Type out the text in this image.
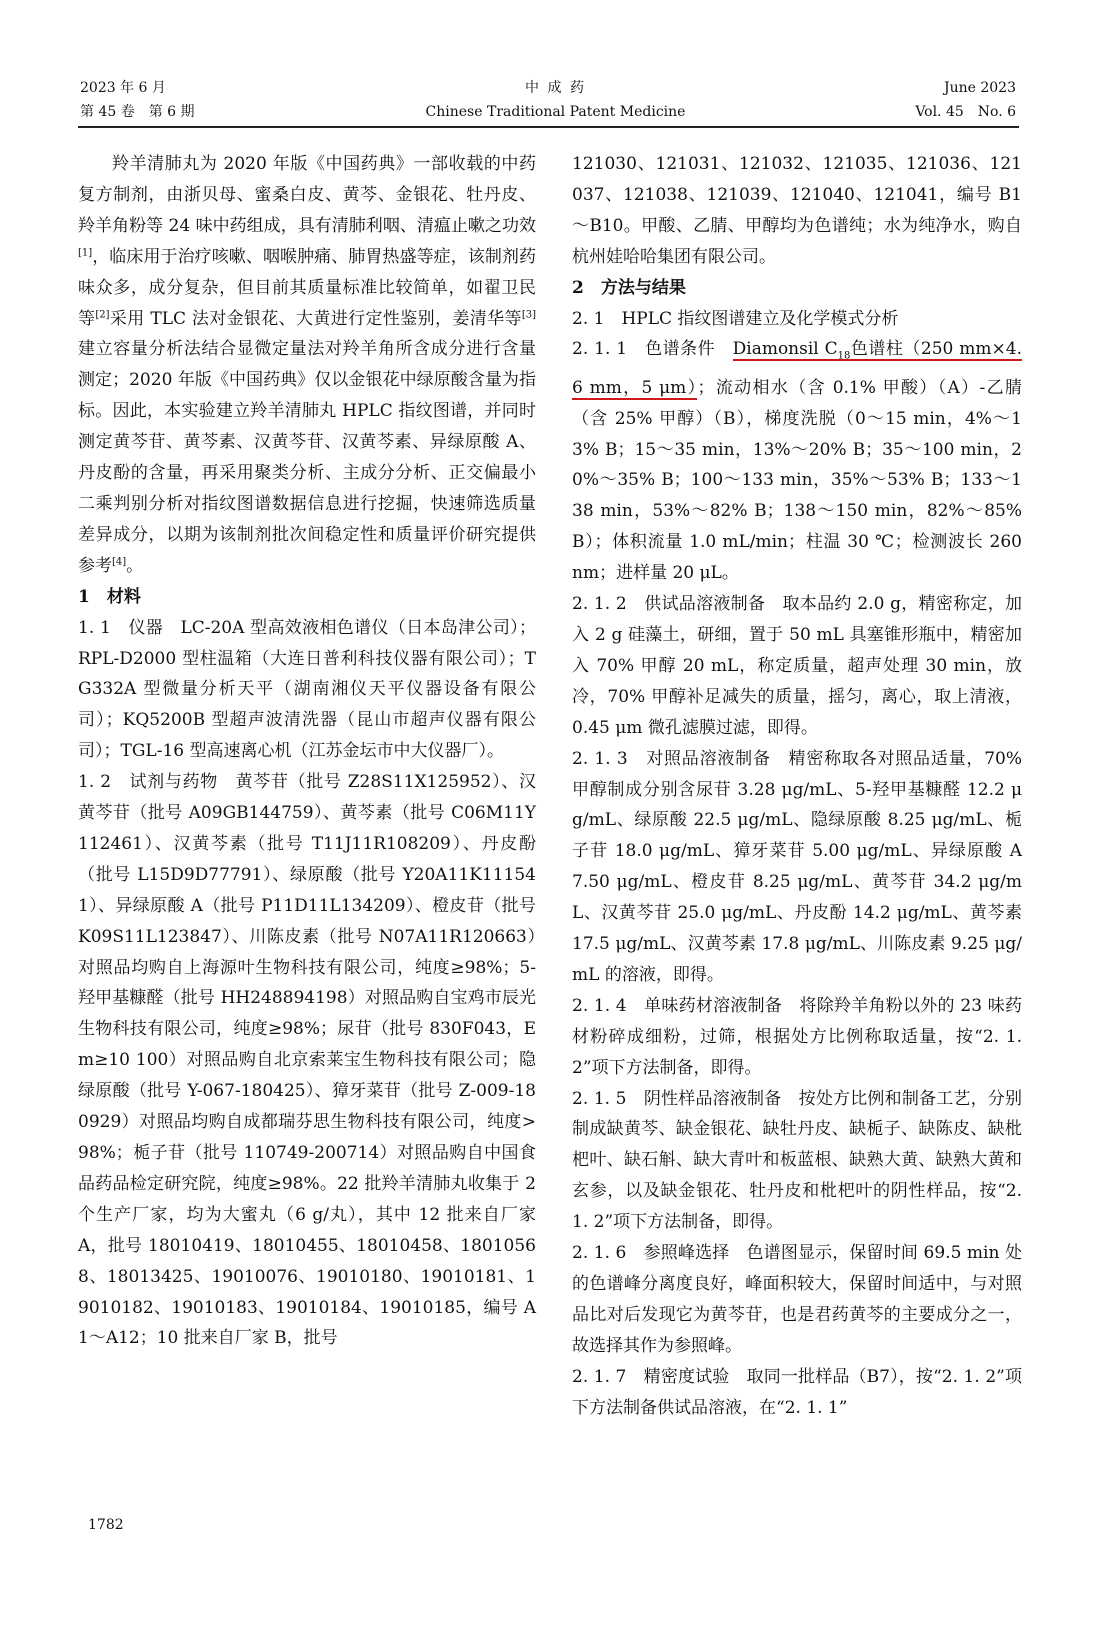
2023 年 6 月
第 45 卷　第 6 期
中 成 药
Chinese Traditional Patent Medicine
June 2023
Vol. 45　No. 6

羚羊清肺丸为 2020 年版《中国药典》一部收载的中药复方制剂，由浙贝母、蜜桑白皮、黄芩、金银花、牡丹皮、羚羊角粉等 24 味中药组成，具有清肺利咽、清瘟止嗽之功效[1]，临床用于治疗咳嗽、咽喉肿痛、肺胃热盛等症，该制剂药味众多，成分复杂，但目前其质量标准比较简单，如翟卫民等[2]采用 TLC 法对金银花、大黄进行定性鉴别，姜清华等[3]建立容量分析法结合显微定量法对羚羊角所含成分进行含量测定；2020 年版《中国药典》仅以金银花中绿原酸含量为指标。因此，本实验建立羚羊清肺丸 HPLC 指纹图谱，并同时测定黄芩苷、黄芩素、汉黄芩苷、汉黄芩素、异绿原酸 A、丹皮酚的含量，再采用聚类分析、主成分分析、正交偏最小二乘判别分析对指纹图谱数据信息进行挖掘，快速筛选质量差异成分，以期为该制剂批次间稳定性和质量评价研究提供参考[4]。

1　材料

1. 1　仪器　LC-20A 型高效液相色谱仪（日本岛津公司）；RPL-D2000 型柱温箱（大连日普利科技仪器有限公司）；TG332A 型微量分析天平（湖南湘仪天平仪器设备有限公司）；KQ5200B 型超声波清洗器（昆山市超声仪器有限公司）；TGL-16 型高速离心机（江苏金坛市中大仪器厂）。

1. 2　试剂与药物　黄芩苷（批号 Z28S11X125952）、汉黄芩苷（批号 A09GB144759）、黄芩素（批号 C06M11Y112461）、汉黄芩素（批号 T11J11R108209）、丹皮酚（批号 L15D9D77791）、绿原酸（批号 Y20A11K111541）、异绿原酸 A（批号 P11D11L134209）、橙皮苷（批号 K09S11L123847）、川陈皮素（批号 N07A11R120663）对照品均购自上海源叶生物科技有限公司，纯度≥98%；5-羟甲基糠醛（批号 HH248894198）对照品购自宝鸡市辰光生物科技有限公司，纯度≥98%；尿苷（批号 830F043，Em≥10 100）对照品购自北京索莱宝生物科技有限公司；隐绿原酸（批号 Y-067-180425）、獐牙菜苷（批号 Z-009-180929）对照品均购自成都瑞芬思生物科技有限公司，纯度>98%；栀子苷（批号 110749-200714）对照品购自中国食品药品检定研究院，纯度≥98%。22 批羚羊清肺丸收集于 2 个生产厂家，均为大蜜丸（6 g/丸），其中 12 批来自厂家 A，批号 18010419、18010455、18010458、18010568、18013425、19010076、19010180、19010181、19010182、19010183、19010184、19010185，编号 A1～A12；10 批来自厂家 B，批号

121030、121031、121032、121035、121036、121037、121038、121039、121040、121041，编号 B1～B10。甲酸、乙腈、甲醇均为色谱纯；水为纯净水，购自杭州娃哈哈集团有限公司。

2　方法与结果

2. 1　HPLC 指纹图谱建立及化学模式分析

2. 1. 1　色谱条件　Diamonsil $C_{18}$色谱柱（250 mm×4.6 mm，5 μm）；流动相水（含 0.1% 甲酸）（A）-乙腈（含 25% 甲醇）（B），梯度洗脱（0～15 min，4%～13% B；15～35 min，13%～20% B；35～100 min，20%～35% B；100～133 min，35%～53% B；133～138 min，53%～82% B；138～150 min，82%～85% B）；体积流量 1.0 mL/min；柱温 30 ℃；检测波长 260 nm；进样量 20 μL。

2. 1. 2　供试品溶液制备　取本品约 2.0 g，精密称定，加入 2 g 硅藻土，研细，置于 50 mL 具塞锥形瓶中，精密加入 70% 甲醇 20 mL，称定质量，超声处理 30 min，放冷，70% 甲醇补足减失的质量，摇匀，离心，取上清液，0.45 μm 微孔滤膜过滤，即得。

2. 1. 3　对照品溶液制备　精密称取各对照品适量，70% 甲醇制成分别含尿苷 3.28 μg/mL、5-羟甲基糠醛 12.2 μg/mL、绿原酸 22.5 μg/mL、隐绿原酸 8.25 μg/mL、栀子苷 18.0 μg/mL、獐牙菜苷 5.00 μg/mL、异绿原酸 A 7.50 μg/mL、橙皮苷 8.25 μg/mL、黄芩苷 34.2 μg/mL、汉黄芩苷 25.0 μg/mL、丹皮酚 14.2 μg/mL、黄芩素 17.5 μg/mL、汉黄芩素 17.8 μg/mL、川陈皮素 9.25 μg/mL 的溶液，即得。

2. 1. 4　单味药材溶液制备　将除羚羊角粉以外的 23 味药材粉碎成细粉，过筛，根据处方比例称取适量，按“2. 1. 2”项下方法制备，即得。

2. 1. 5　阴性样品溶液制备　按处方比例和制备工艺，分别制成缺黄芩、缺金银花、缺牡丹皮、缺栀子、缺陈皮、缺枇杷叶、缺石斛、缺大青叶和板蓝根、缺熟大黄、缺熟大黄和玄参，以及缺金银花、牡丹皮和枇杷叶的阴性样品，按“2. 1. 2”项下方法制备，即得。

2. 1. 6　参照峰选择　色谱图显示，保留时间 69.5 min 处的色谱峰分离度良好，峰面积较大，保留时间适中，与对照品比对后发现它为黄芩苷，也是君药黄芩的主要成分之一，故选择其作为参照峰。

2. 1. 7　精密度试验　取同一批样品（B7），按“2. 1. 2”项下方法制备供试品溶液，在“2. 1. 1”

1782
